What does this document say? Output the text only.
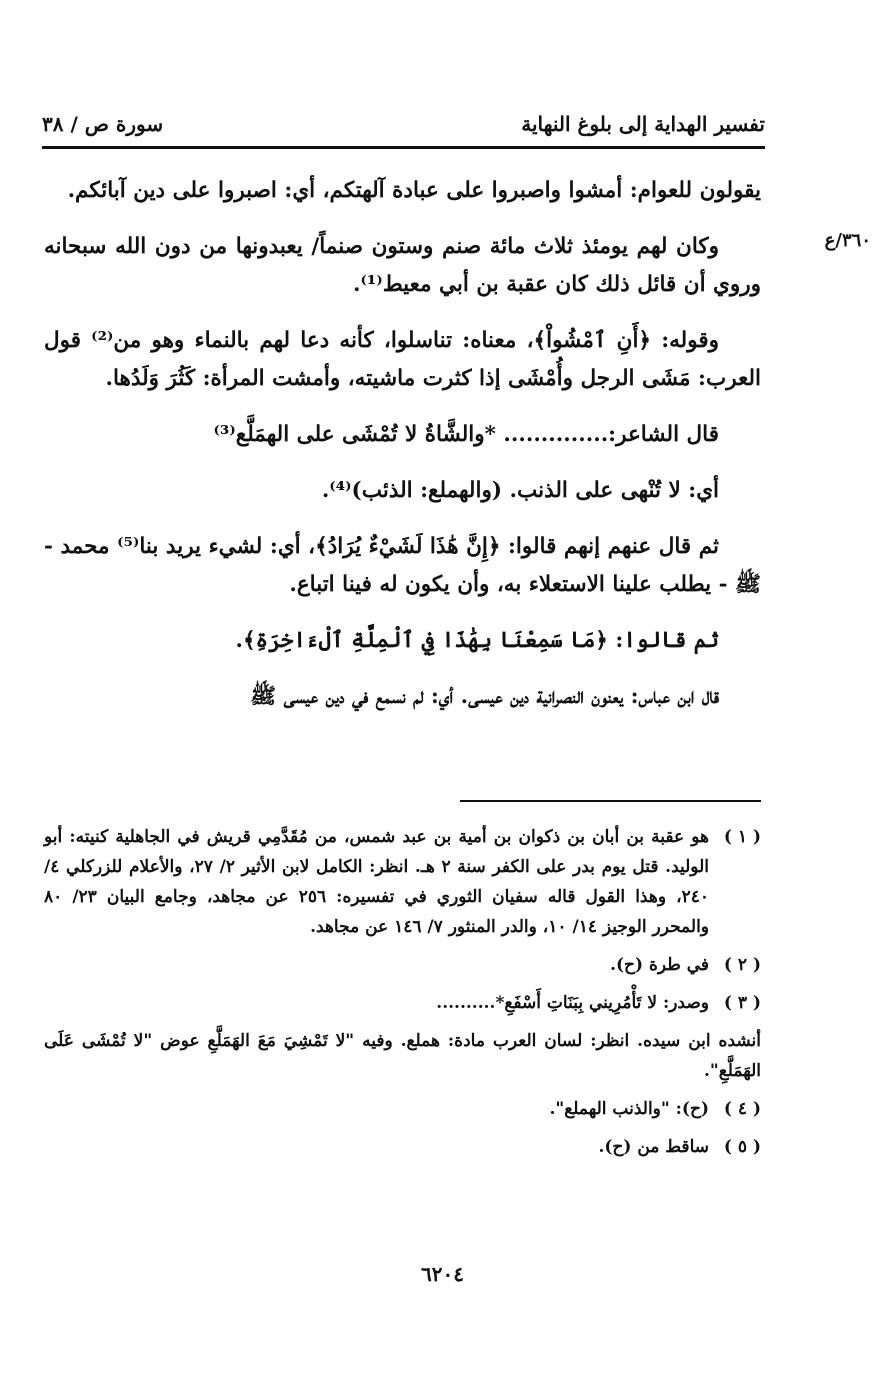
تفسير الهداية إلى بلوغ النهاية
سورة ص / ٣٨
٣٦٠/ع

يقولون للعوام: أمشوا واصبروا على عبادة آلهتكم، أي: اصبروا على دين آبائكم.

وكان لهم يومئذ ثلاث مائة صنم وستون صنماً/ يعبدونها من دون الله سبحانه وروي أن قائل ذلك كان عقبة بن أبي معيط⁽¹⁾.

وقوله: ﴿أَنِ ٱمْشُواْ﴾، معناه: تناسلوا، كأنه دعا لهم بالنماء وهو من⁽²⁾ قول العرب: مَشَى الرجل وأُمْشَى إذا كثرت ماشيته، وأمشت المرأة: كَثُرَ وَلَدُها.

قال الشاعر:.............. *والشَّاةُ لا تُمْشَى على الهمَلَّع⁽³⁾

أي: لا تُنْهى على الذنب. (والهملع: الذئب)⁽⁴⁾.

ثم قال عنهم إنهم قالوا: ﴿إِنَّ هَٰذَا لَشَيْءٌ يُرَادُ﴾، أي: لشيء يريد بنا⁽⁵⁾ محمد - ﷺ - يطلب علينا الاستعلاء به، وأن يكون له فينا اتباع.

ثم قالوا: ﴿مَا سَمِعْنَا بِهَٰذَا فِي ٱلْمِلَّةِ ٱلْءَاخِرَةِ﴾.

قال ابن عباس: يعنون النصرانية دين عيسى. أي: لم نسمع في دين عيسى ﷺ

( ١ )
هو عقبة بن أبان بن ذكوان بن أمية بن عبد شمس، من مُقَدَّمِي قريش في الجاهلية كنيته: أبو الوليد. قتل يوم بدر على الكفر سنة ٢ هـ. انظر: الكامل لابن الأثير ٢/ ٢٧، والأعلام للزركلي ٤/ ٢٤٠، وهذا القول قاله سفيان الثوري في تفسيره: ٢٥٦ عن مجاهد، وجامع البيان ٢٣/ ٨٠ والمحرر الوجيز ١٤/ ١٠، والدر المنثور ٧/ ١٤٦ عن مجاهد.
( ٢ )
في طرة (ح).
( ٣ )
وصدر: لا تَأْمُرِيني بِبَنَاتِ أَسْفَعِ*..........
أنشده ابن سيده. انظر: لسان العرب مادة: هملع. وفيه "لا تَمْشِيَ مَعَ الهَمَلَّعِ عوض "لا تُمْشَى عَلَى الهَمَلَّعِ".
( ٤ )
(ح): "والذنب الهملع".
( ٥ )
ساقط من (ح).
٦٢٠٤
